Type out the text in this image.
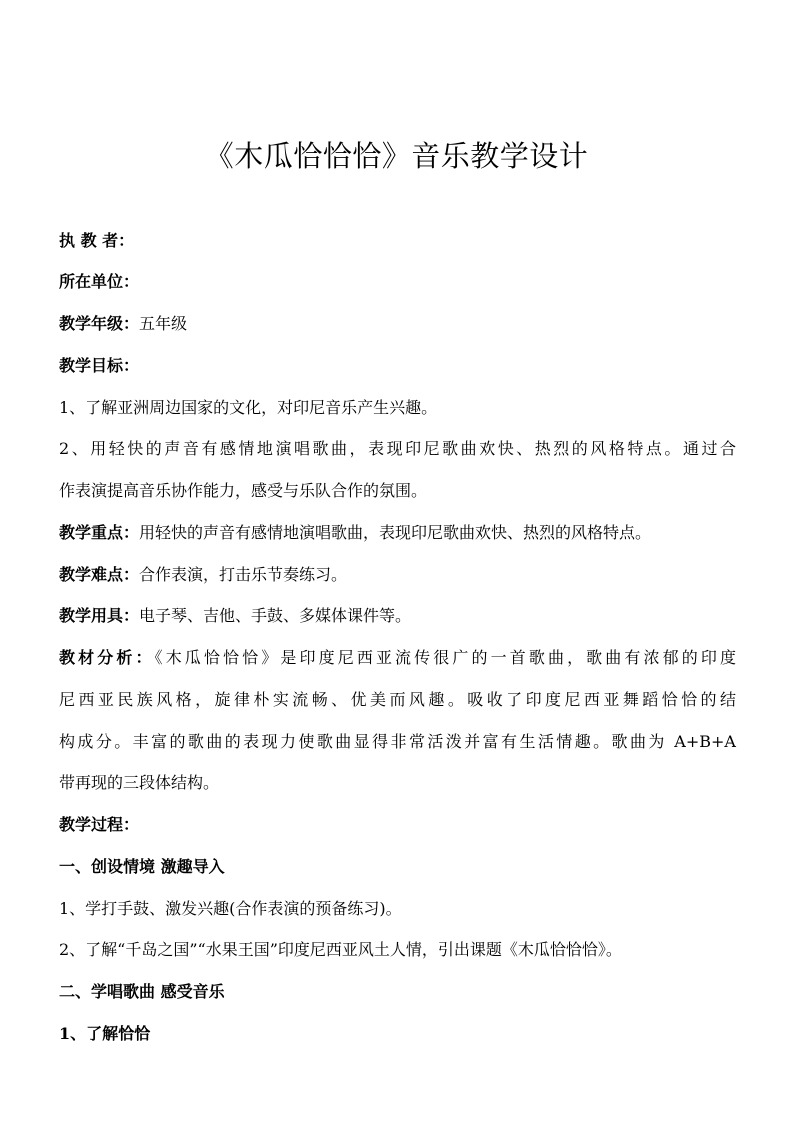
《木瓜恰恰恰》音乐教学设计
执 教 者：
所在单位：
教学年级：五年级
教学目标：
1、了解亚洲周边国家的文化，对印尼音乐产生兴趣。
2、用轻快的声音有感情地演唱歌曲，表现印尼歌曲欢快、热烈的风格特点。通过合
作表演提高音乐协作能力，感受与乐队合作的氛围。
教学重点：用轻快的声音有感情地演唱歌曲，表现印尼歌曲欢快、热烈的风格特点。
教学难点：合作表演，打击乐节奏练习。
教学用具：电子琴、吉他、手鼓、多媒体课件等。
教材分析：《木瓜恰恰恰》是印度尼西亚流传很广的一首歌曲，歌曲有浓郁的印度
尼西亚民族风格，旋律朴实流畅、优美而风趣。吸收了印度尼西亚舞蹈恰恰的结
构成分。丰富的歌曲的表现力使歌曲显得非常活泼并富有生活情趣。歌曲为 A+B+A
带再现的三段体结构。
教学过程：
一、创设情境 激趣导入
1、学打手鼓、激发兴趣(合作表演的预备练习)。
2、了解“千岛之国”“水果王国”印度尼西亚风土人情，引出课题《木瓜恰恰恰》。
二、学唱歌曲 感受音乐
1、了解恰恰
